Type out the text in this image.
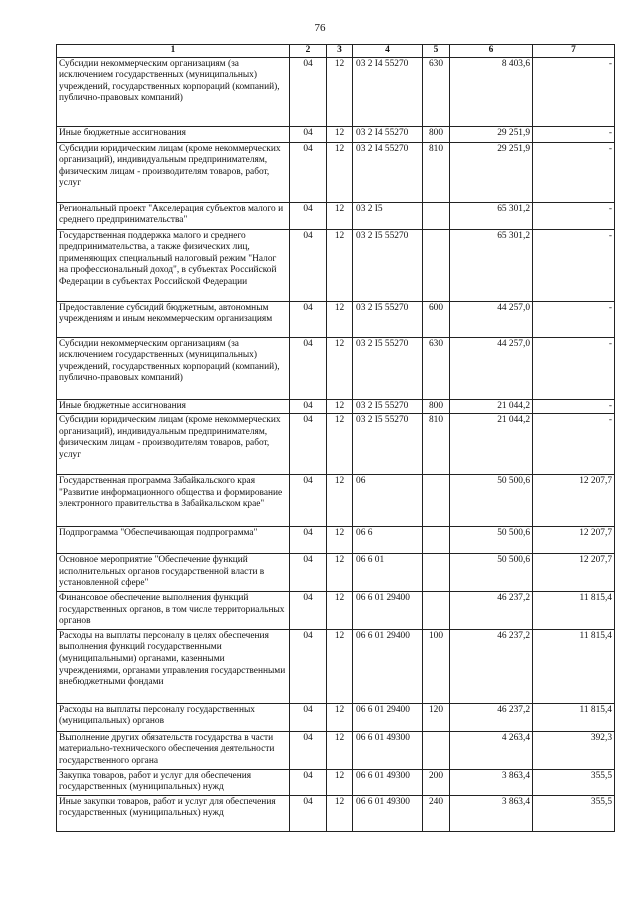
76
1	2	3	4	5	6	7
Субсидии некоммерческим организациям (за исключением государственных (муниципальных) учреждений, государственных корпораций (компаний), публично-правовых компаний)	04	12	03 2 I4 55270	630	8 403,6	-
Иные бюджетные ассигнования	04	12	03 2 I4 55270	800	29 251,9	-
Субсидии юридическим лицам (кроме некоммерческих организаций), индивидуальным предпринимателям, физическим лицам - производителям товаров, работ, услуг	04	12	03 2 I4 55270	810	29 251,9	-
Региональный проект "Акселерация субъектов малого и среднего предпринимательства"	04	12	03 2 I5		65 301,2	-
Государственная поддержка малого и среднего предпринимательства, а также физических лиц, применяющих специальный налоговый режим "Налог на профессиональный доход", в субъектах Российской Федерации в субъектах Российской Федерации	04	12	03 2 I5 55270		65 301,2	-
Предоставление субсидий бюджетным, автономным учреждениям и иным некоммерческим организациям	04	12	03 2 I5 55270	600	44 257,0	-
Субсидии некоммерческим организациям (за исключением государственных (муниципальных) учреждений, государственных корпораций (компаний), публично-правовых компаний)	04	12	03 2 I5 55270	630	44 257,0	-
Иные бюджетные ассигнования	04	12	03 2 I5 55270	800	21 044,2	-
Субсидии юридическим лицам (кроме некоммерческих организаций), индивидуальным предпринимателям, физическим лицам - производителям товаров, работ, услуг	04	12	03 2 I5 55270	810	21 044,2	-
Государственная программа Забайкальского края "Развитие информационного общества и формирование электронного правительства в Забайкальском крае"	04	12	06		50 500,6	12 207,7
Подпрограмма "Обеспечивающая подпрограмма"	04	12	06 6		50 500,6	12 207,7
Основное мероприятие "Обеспечение функций исполнительных органов государственной власти в установленной сфере"	04	12	06 6 01		50 500,6	12 207,7
Финансовое обеспечение выполнения функций государственных органов, в том числе территориальных органов	04	12	06 6 01 29400		46 237,2	11 815,4
Расходы на выплаты персоналу в целях обеспечения выполнения функций государственными (муниципальными) органами, казенными учреждениями, органами управления государственными внебюджетными фондами	04	12	06 6 01 29400	100	46 237,2	11 815,4
Расходы на выплаты персоналу государственных (муниципальных) органов	04	12	06 6 01 29400	120	46 237,2	11 815,4
Выполнение других обязательств государства в части материально-технического обеспечения деятельности государственного органа	04	12	06 6 01 49300		4 263,4	392,3
Закупка товаров, работ и услуг для обеспечения государственных (муниципальных) нужд	04	12	06 6 01 49300	200	3 863,4	355,5
Иные закупки товаров, работ и услуг для обеспечения государственных (муниципальных) нужд	04	12	06 6 01 49300	240	3 863,4	355,5
